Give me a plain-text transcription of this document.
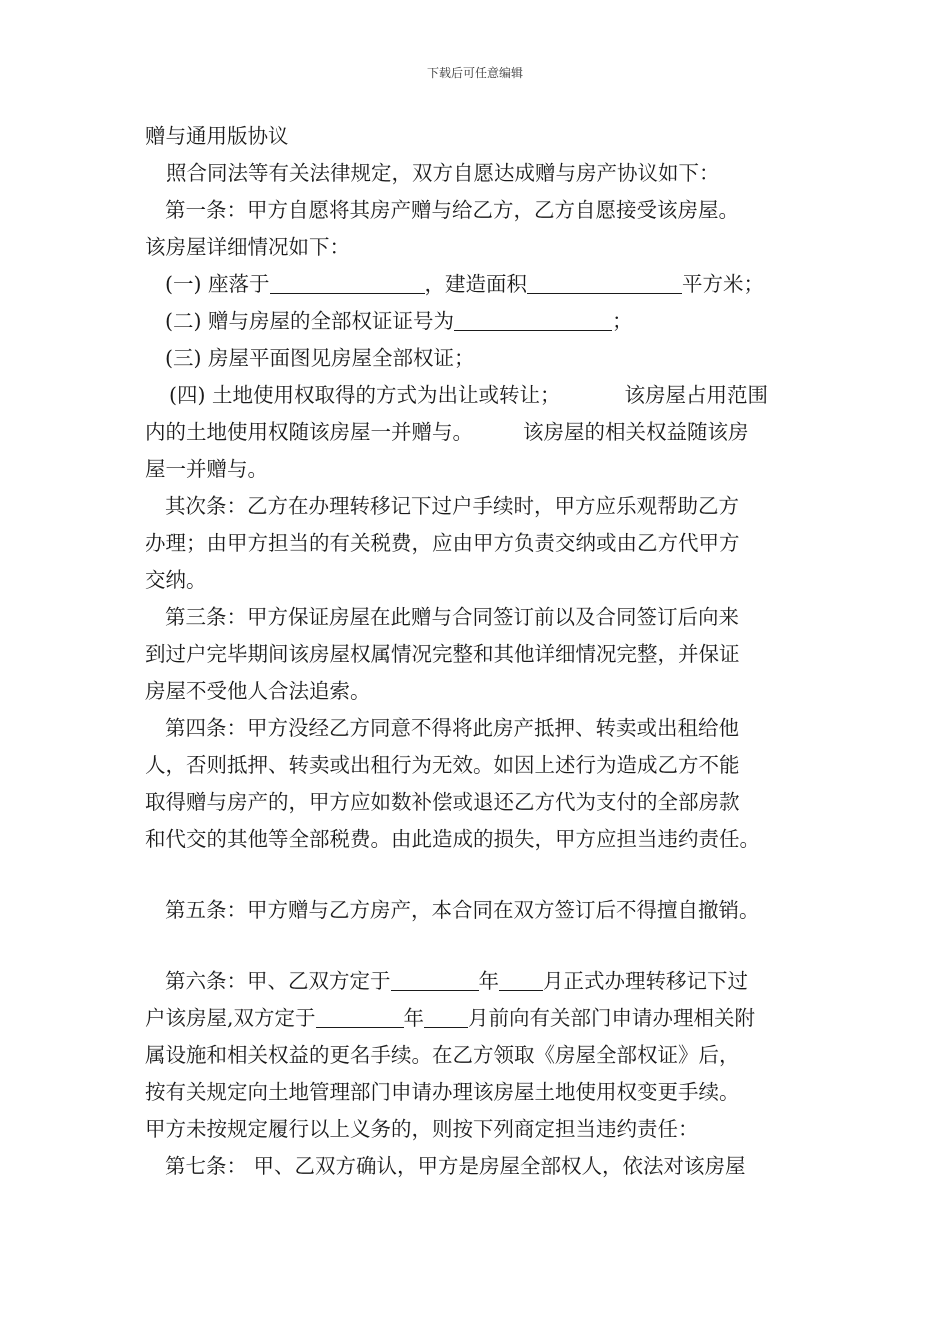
下载后可任意编辑
赠与通用版协议
照合同法等有关法律规定，双方自愿达成赠与房产协议如下：
第一条：甲方自愿将其房产赠与给乙方，乙方自愿接受该房屋。
该房屋详细情况如下：
(一) 座落于	，建造面积	平方米；
(二) 赠与房屋的全部权证证号为	；
(三) 房屋平面图见房屋全部权证；
(四) 土地使用权取得的方式为出让或转让；	该房屋占用范围
内的土地使用权随该房屋一并赠与。 该房屋的相关权益随该房
屋一并赠与。
其次条：乙方在办理转移记下过户手续时，甲方应乐观帮助乙方
办理；由甲方担当的有关税费，应由甲方负责交纳或由乙方代甲方
交纳。
第三条：甲方保证房屋在此赠与合同签订前以及合同签订后向来
到过户完毕期间该房屋权属情况完整和其他详细情况完整，并保证
房屋不受他人合法追索。
第四条：甲方没经乙方同意不得将此房产抵押、转卖或出租给他
人，否则抵押、转卖或出租行为无效。如因上述行为造成乙方不能
取得赠与房产的，甲方应如数补偿或退还乙方代为支付的全部房款
和代交的其他等全部税费。由此造成的损失，甲方应担当违约责任。
第五条：甲方赠与乙方房产，本合同在双方签订后不得擅自撤销。
第六条：甲、乙双方定于	年 月正式办理转移记下过
户该房屋,双方定于	年 月前向有关部门申请办理相关附
属设施和相关权益的更名手续。在乙方领取《房屋全部权证》后，
按有关规定向土地管理部门申请办理该房屋土地使用权变更手续。
甲方未按规定履行以上义务的，则按下列商定担当违约责任：
第七条： 甲、乙双方确认，甲方是房屋全部权人，依法对该房屋
